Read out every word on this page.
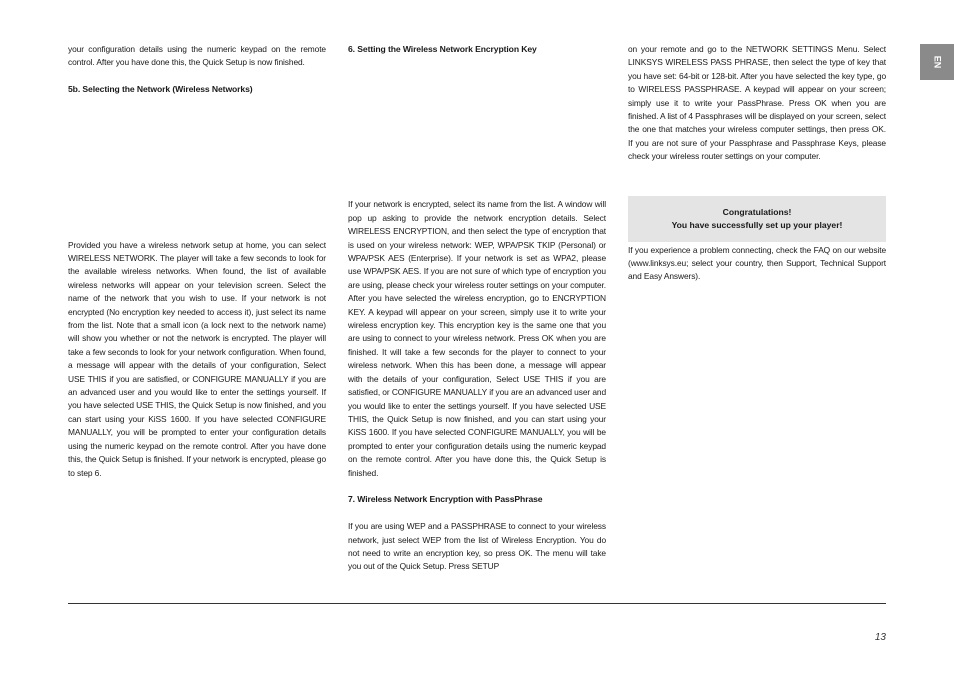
EN

your configuration details using the numeric keypad on the remote control. After you have done this, the Quick Setup is now finished.

5b. Selecting the Network (Wireless Networks)

Provided you have a wireless network setup at home, you can select WIRELESS NETWORK. The player will take a few seconds to look for the available wireless networks. When found, the list of available wireless networks will appear on your television screen. Select the name of the network that you wish to use. If your network is not encrypted (No encryption key needed to access it), just select its name from the list. Note that a small icon (a lock next to the network name) will show you whether or not the network is encrypted. The player will take a few seconds to look for your network configuration. When found, a message will appear with the details of your configuration, Select USE THIS if you are satisfied, or CONFIGURE MANUALLY if you are an advanced user and you would like to enter the settings yourself. If you have selected USE THIS, the Quick Setup is now finished, and you can start using your KiSS 1600. If you have selected CONFIGURE MANUALLY, you will be prompted to enter your configuration details using the numeric keypad on the remote control. After you have done this, the Quick Setup is finished. If your network is encrypted, please go to step 6.

6. Setting the Wireless Network Encryption Key

If your network is encrypted, select its name from the list. A window will pop up asking to provide the network encryption details. Select WIRELESS ENCRYPTION, and then select the type of encryption that is used on your wireless network: WEP, WPA/PSK TKIP (Personal) or WPA/PSK AES (Enterprise). If your network is set as WPA2, please use WPA/PSK AES. If you are not sure of which type of encryption you are using, please check your wireless router settings on your computer. After you have selected the wireless encryption, go to ENCRYPTION KEY. A keypad will appear on your screen, simply use it to write your wireless encryption key. This encryption key is the same one that you are using to connect to your wireless network. Press OK when you are finished. It will take a few seconds for the player to connect to your wireless network. When this has been done, a message will appear with the details of your configuration, Select USE THIS if you are satisfied, or CONFIGURE MANUALLY if you are an advanced user and you would like to enter the settings yourself. If you have selected USE THIS, the Quick Setup is now finished, and you can start using your KiSS 1600. If you have selected CONFIGURE MANUALLY, you will be prompted to enter your configuration details using the numeric keypad on the remote control. After you have done this, the Quick Setup is finished.

7. Wireless Network Encryption with PassPhrase

If you are using WEP and a PASSPHRASE to connect to your wireless network, just select WEP from the list of Wireless Encryption. You do not need to write an encryption key, so press OK. The menu will take you out of the Quick Setup. Press SETUP

on your remote and go to the NETWORK SETTINGS Menu. Select LINKSYS WIRELESS PASS PHRASE, then select the type of key that you have set: 64-bit or 128-bit. After you have selected the key type, go to WIRELESS PASSPHRASE. A keypad will appear on your screen; simply use it to write your PassPhrase. Press OK when you are finished. A list of 4 Passphrases will be displayed on your screen, select the one that matches your wireless computer settings, then press OK. If you are not sure of your Passphrase and Passphrase Keys, please check your wireless router settings on your computer.

If you experience a problem connecting, check the FAQ on our website (www.linksys.eu; select your country, then Support, Technical Support and Easy Answers).

Congratulations!
You have successfully set up your player!
13
